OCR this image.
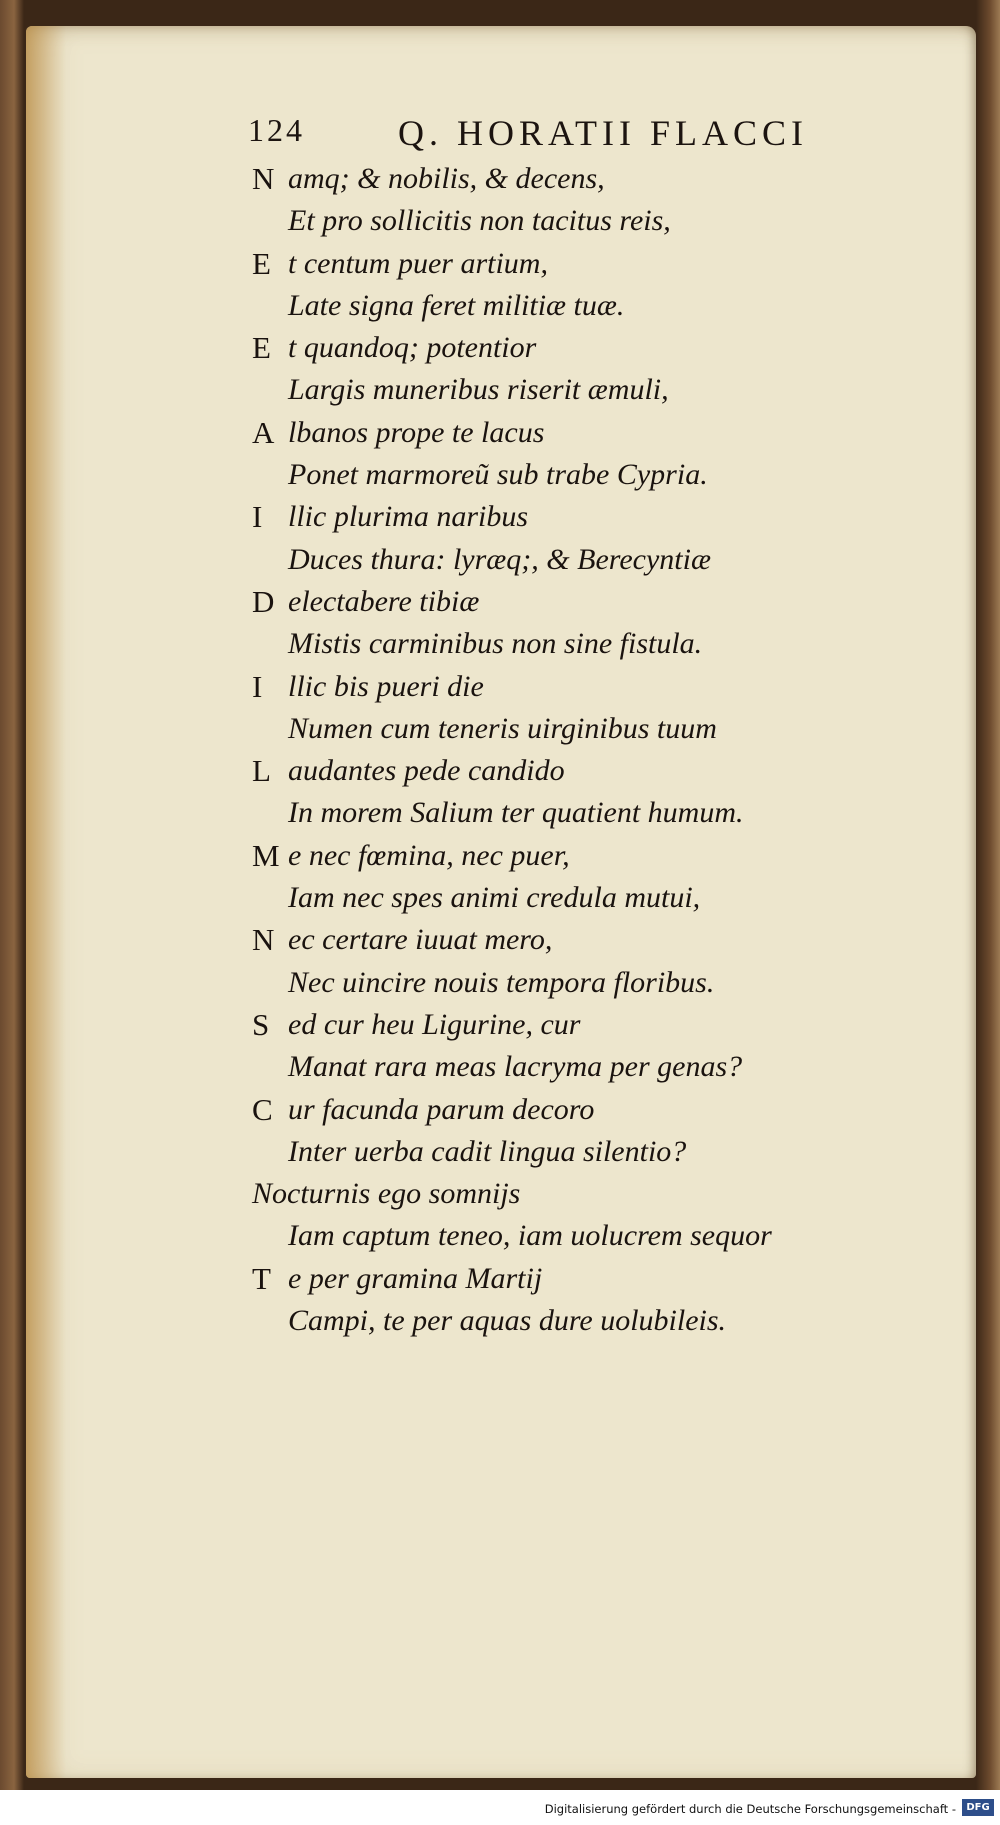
124	Q. HORATII FLACCI
N amq; & nobilis, & decens,
Et pro sollicitis non tacitus reis,
E t centum puer artium,
Late signa feret militiæ tuæ.
E t quandoq; potentior
Largis muneribus riserit æmuli,
A lbanos prope te lacus
Ponet marmoreũ sub trabe Cypria.
I llic plurima naribus
Duces thura: lyræq;, & Berecyntiæ
D electabere tibiæ
Mistis carminibus non sine fistula.
I llic bis pueri die
Numen cum teneris uirginibus tuum
L audantes pede candido
In morem Salium ter quatient humum.
M e nec fœmina, nec puer,
Iam nec spes animi credula mutui,
N ec certare iuuat mero,
Nec uincire nouis tempora floribus.
S ed cur heu Ligurine, cur
Manat rara meas lacryma per genas?
C ur facunda parum decoro
Inter uerba cadit lingua silentio?
Nocturnis ego somnijs
Iam captum teneo, iam uolucrem sequor
T e per gramina Martij
Campi, te per aquas dure uolubileis.
Digitalisierung gefördert durch die Deutsche Forschungsgemeinschaft -	DFG
